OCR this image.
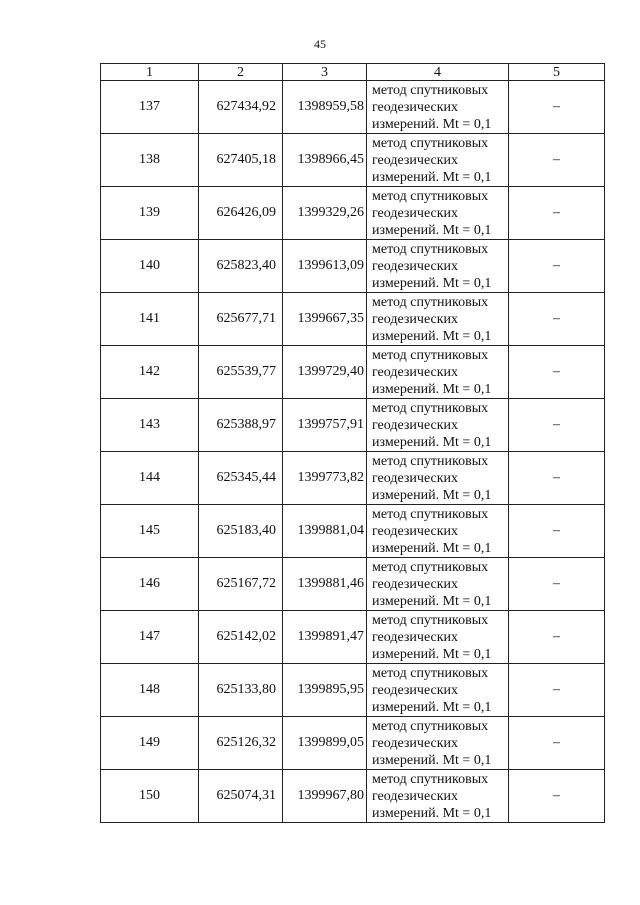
45
1	2	3	4	5
137	627434,92	1398959,58	метод спутниковых
геодезических
измерений. Mt = 0,1	–
138	627405,18	1398966,45	метод спутниковых
геодезических
измерений. Mt = 0,1	–
139	626426,09	1399329,26	метод спутниковых
геодезических
измерений. Mt = 0,1	–
140	625823,40	1399613,09	метод спутниковых
геодезических
измерений. Mt = 0,1	–
141	625677,71	1399667,35	метод спутниковых
геодезических
измерений. Mt = 0,1	–
142	625539,77	1399729,40	метод спутниковых
геодезических
измерений. Mt = 0,1	–
143	625388,97	1399757,91	метод спутниковых
геодезических
измерений. Mt = 0,1	–
144	625345,44	1399773,82	метод спутниковых
геодезических
измерений. Mt = 0,1	–
145	625183,40	1399881,04	метод спутниковых
геодезических
измерений. Mt = 0,1	–
146	625167,72	1399881,46	метод спутниковых
геодезических
измерений. Mt = 0,1	–
147	625142,02	1399891,47	метод спутниковых
геодезических
измерений. Mt = 0,1	–
148	625133,80	1399895,95	метод спутниковых
геодезических
измерений. Mt = 0,1	–
149	625126,32	1399899,05	метод спутниковых
геодезических
измерений. Mt = 0,1	–
150	625074,31	1399967,80	метод спутниковых
геодезических
измерений. Mt = 0,1	–
